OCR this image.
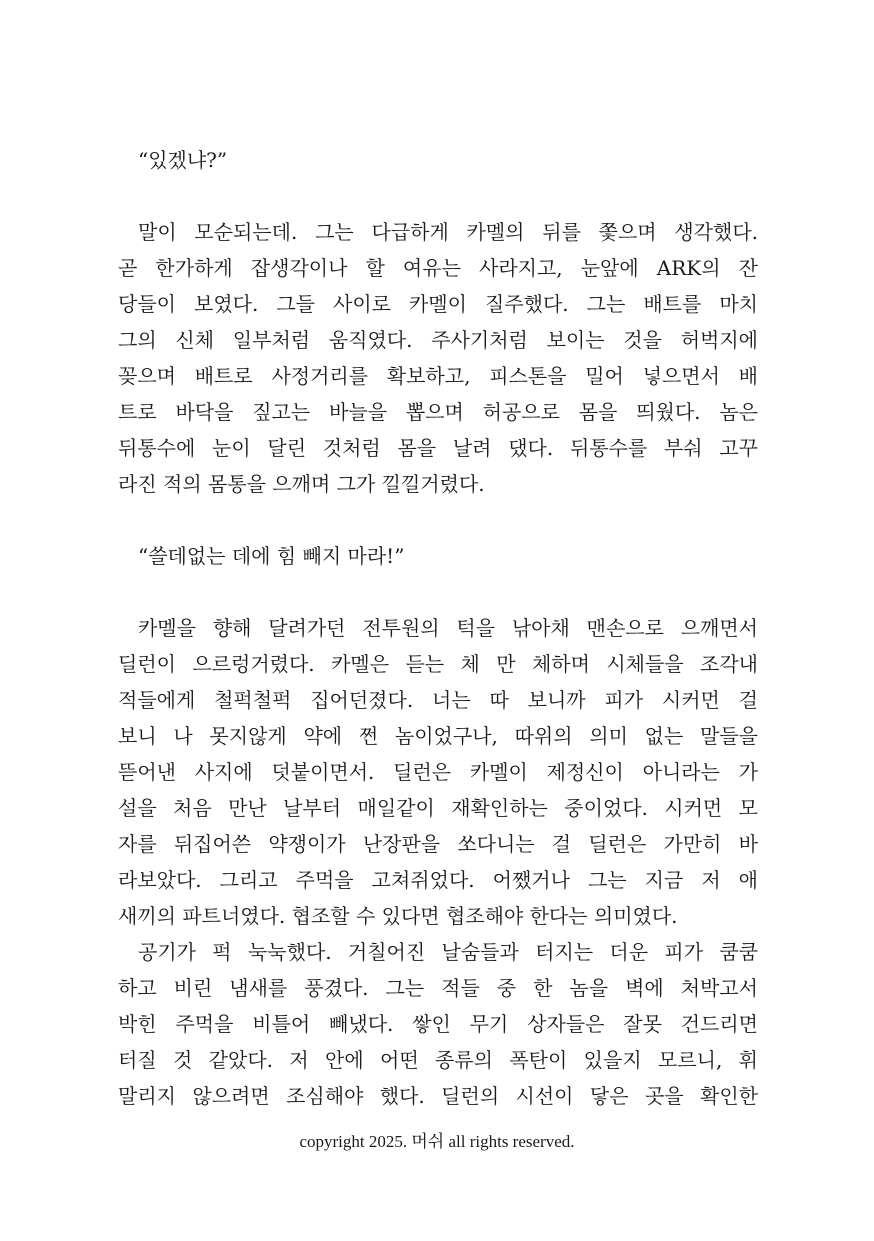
“있겠냐?”
말이 모순되는데. 그는 다급하게 카멜의 뒤를 쫓으며 생각했다.
곧 한가하게 잡생각이나 할 여유는 사라지고, 눈앞에 ARK의 잔
당들이 보였다. 그들 사이로 카멜이 질주했다. 그는 배트를 마치
그의 신체 일부처럼 움직였다. 주사기처럼 보이는 것을 허벅지에
꽂으며 배트로 사정거리를 확보하고, 피스톤을 밀어 넣으면서 배
트로 바닥을 짚고는 바늘을 뽑으며 허공으로 몸을 띄웠다. 놈은
뒤통수에 눈이 달린 것처럼 몸을 날려 댔다. 뒤통수를 부숴 고꾸
라진 적의 몸통을 으깨며 그가 낄낄거렸다.
“쓸데없는 데에 힘 빼지 마라!”
카멜을 향해 달려가던 전투원의 턱을 낚아채 맨손으로 으깨면서
딜런이 으르렁거렸다. 카멜은 듣는 체 만 체하며 시체들을 조각내
적들에게 철퍽철퍽 집어던졌다. 너는 따 보니까 피가 시커먼 걸
보니 나 못지않게 약에 쩐 놈이었구나, 따위의 의미 없는 말들을
뜯어낸 사지에 덧붙이면서. 딜런은 카멜이 제정신이 아니라는 가
설을 처음 만난 날부터 매일같이 재확인하는 중이었다. 시커먼 모
자를 뒤집어쓴 약쟁이가 난장판을 쏘다니는 걸 딜런은 가만히 바
라보았다. 그리고 주먹을 고쳐쥐었다. 어쨌거나 그는 지금 저 애
새끼의 파트너였다. 협조할 수 있다면 협조해야 한다는 의미였다.
공기가 퍽 눅눅했다. 거칠어진 날숨들과 터지는 더운 피가 쿰쿰
하고 비린 냄새를 풍겼다. 그는 적들 중 한 놈을 벽에 처박고서
박힌 주먹을 비틀어 빼냈다. 쌓인 무기 상자들은 잘못 건드리면
터질 것 같았다. 저 안에 어떤 종류의 폭탄이 있을지 모르니, 휘
말리지 않으려면 조심해야 했다. 딜런의 시선이 닿은 곳을 확인한
copyright 2025. 머쉬 all rights reserved.
